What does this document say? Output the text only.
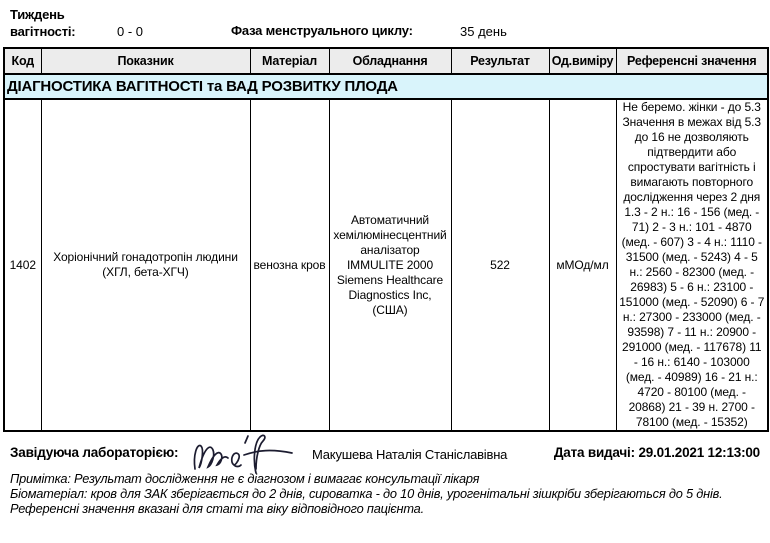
Тиждень вагітності:	0 - 0	Фаза менструального циклу:	35 день
Код	Показник	Матеріал	Обладнання	Результат	Од.виміру	Референсні значення
ДІАГНОСТИКА ВАГІТНОСТІ та ВАД РОЗВИТКУ ПЛОДА						
1402	Хоріонічний гонадотропін людини (ХГЛ, бета-ХГЧ)	венозна кров	Автоматичний хемілюмінесцентний аналізатор IMMULITE 2000 Siemens Healthcare Diagnostics Inc, (США)	522	мМОд/мл	Не беремо. жінки - до 5.3 Значення в межах від 5.3 до 16 не дозволяють підтвердити або спростувати вагітність і вимагають повторного дослідження через 2 дня 1.3 - 2 н.: 16 - 156 (мед. - 71) 2 - 3 н.: 101 - 4870 (мед. - 607) 3 - 4 н.: 1110 - 31500 (мед. - 5243) 4 - 5 н.: 2560 - 82300 (мед. - 26983) 5 - 6 н.: 23100 - 151000 (мед. - 52090) 6 - 7 н.: 27300 - 233000 (мед. - 93598) 7 - 11 н.: 20900 - 291000 (мед. - 117678) 11 - 16 н.: 6140 - 103000 (мед. - 40989) 16 - 21 н.: 4720 - 80100 (мед. - 20868) 21 - 39 н. 2700 - 78100 (мед. - 15352)
Завідуюча лабораторією:	Макушева Наталія Станіславівна	Дата видачі: 29.01.2021 12:13:00
Примітка: Результат дослідження не є діагнозом і вимагає консультації лікаря
Біоматеріал: кров для ЗАК зберігається до 2 днів, сироватка - до 10 днів, урогенітальні зішкріби зберігаються до 5 днів.
Референсні значення вказані для статі та віку відповідного пацієнта.
